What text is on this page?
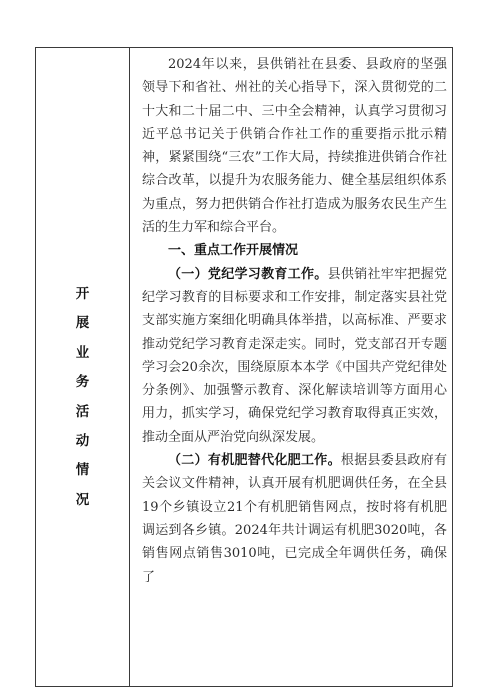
开
展
业
务
活
动
情
况

2024年以来，县供销社在县委、县政府的坚强领导下和省社、州社的关心指导下，深入贯彻党的二十大和二十届二中、三中全会精神，认真学习贯彻习近平总书记关于供销合作社工作的重要指示批示精神，紧紧围绕“三农”工作大局，持续推进供销合作社综合改革，以提升为农服务能力、健全基层组织体系为重点，努力把供销合作社打造成为服务农民生产生活的生力军和综合平台。

一、重点工作开展情况

（一）党纪学习教育工作。县供销社牢牢把握党纪学习教育的目标要求和工作安排，制定落实县社党支部实施方案细化明确具体举措，以高标准、严要求推动党纪学习教育走深走实。同时，党支部召开专题学习会20余次，围绕原原本本学《中国共产党纪律处分条例》、加强警示教育、深化解读培训等方面用心用力，抓实学习，确保党纪学习教育取得真正实效，推动全面从严治党向纵深发展。

（二）有机肥替代化肥工作。根据县委县政府有关会议文件精神，认真开展有机肥调供任务，在全县19个乡镇设立21个有机肥销售网点，按时将有机肥调运到各乡镇。2024年共计调运有机肥3020吨，各销售网点销售3010吨，已完成全年调供任务，确保了
